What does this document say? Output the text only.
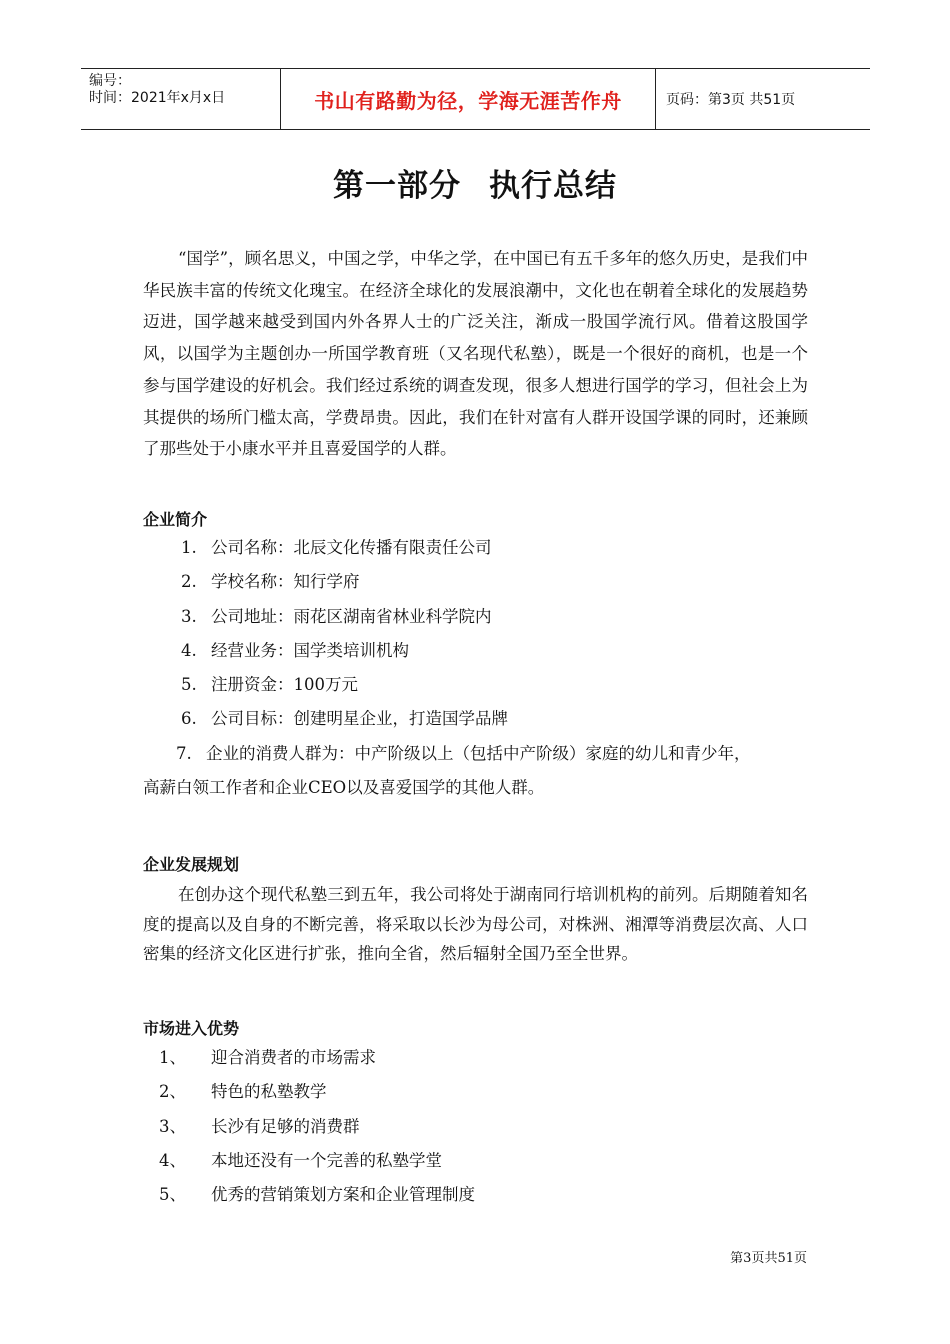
编号：
时间：2021年x月x日	书山有路勤为径，学海无涯苦作舟	页码：第3页 共51页
第一部分 执行总结

“国学”，顾名思义，中国之学，中华之学，在中国已有五千多年的悠久历史，是我们中华民族丰富的传统文化瑰宝。在经济全球化的发展浪潮中，文化也在朝着全球化的发展趋势迈进，国学越来越受到国内外各界人士的广泛关注，渐成一股国学流行风。借着这股国学风，以国学为主题创办一所国学教育班（又名现代私塾），既是一个很好的商机，也是一个参与国学建设的好机会。我们经过系统的调查发现，很多人想进行国学的学习，但社会上为其提供的场所门槛太高，学费昂贵。因此，我们在针对富有人群开设国学课的同时，还兼顾了那些处于小康水平并且喜爱国学的人群。

企业简介
1. 公司名称：北辰文化传播有限责任公司
2. 学校名称：知行学府
3. 公司地址：雨花区湖南省林业科学院内
4. 经营业务：国学类培训机构
5. 注册资金：100万元
6. 公司目标：创建明星企业，打造国学品牌
7. 企业的消费人群为：中产阶级以上（包括中产阶级）家庭的幼儿和青少年，
高薪白领工作者和企业CEO以及喜爱国学的其他人群。
企业发展规划

在创办这个现代私塾三到五年，我公司将处于湖南同行培训机构的前列。后期随着知名度的提高以及自身的不断完善，将采取以长沙为母公司，对株洲、湘潭等消费层次高、人口密集的经济文化区进行扩张，推向全省，然后辐射全国乃至全世界。

市场进入优势
1、 迎合消费者的市场需求
2、 特色的私塾教学
3、 长沙有足够的消费群
4、 本地还没有一个完善的私塾学堂
5、 优秀的营销策划方案和企业管理制度
第3页共51页
